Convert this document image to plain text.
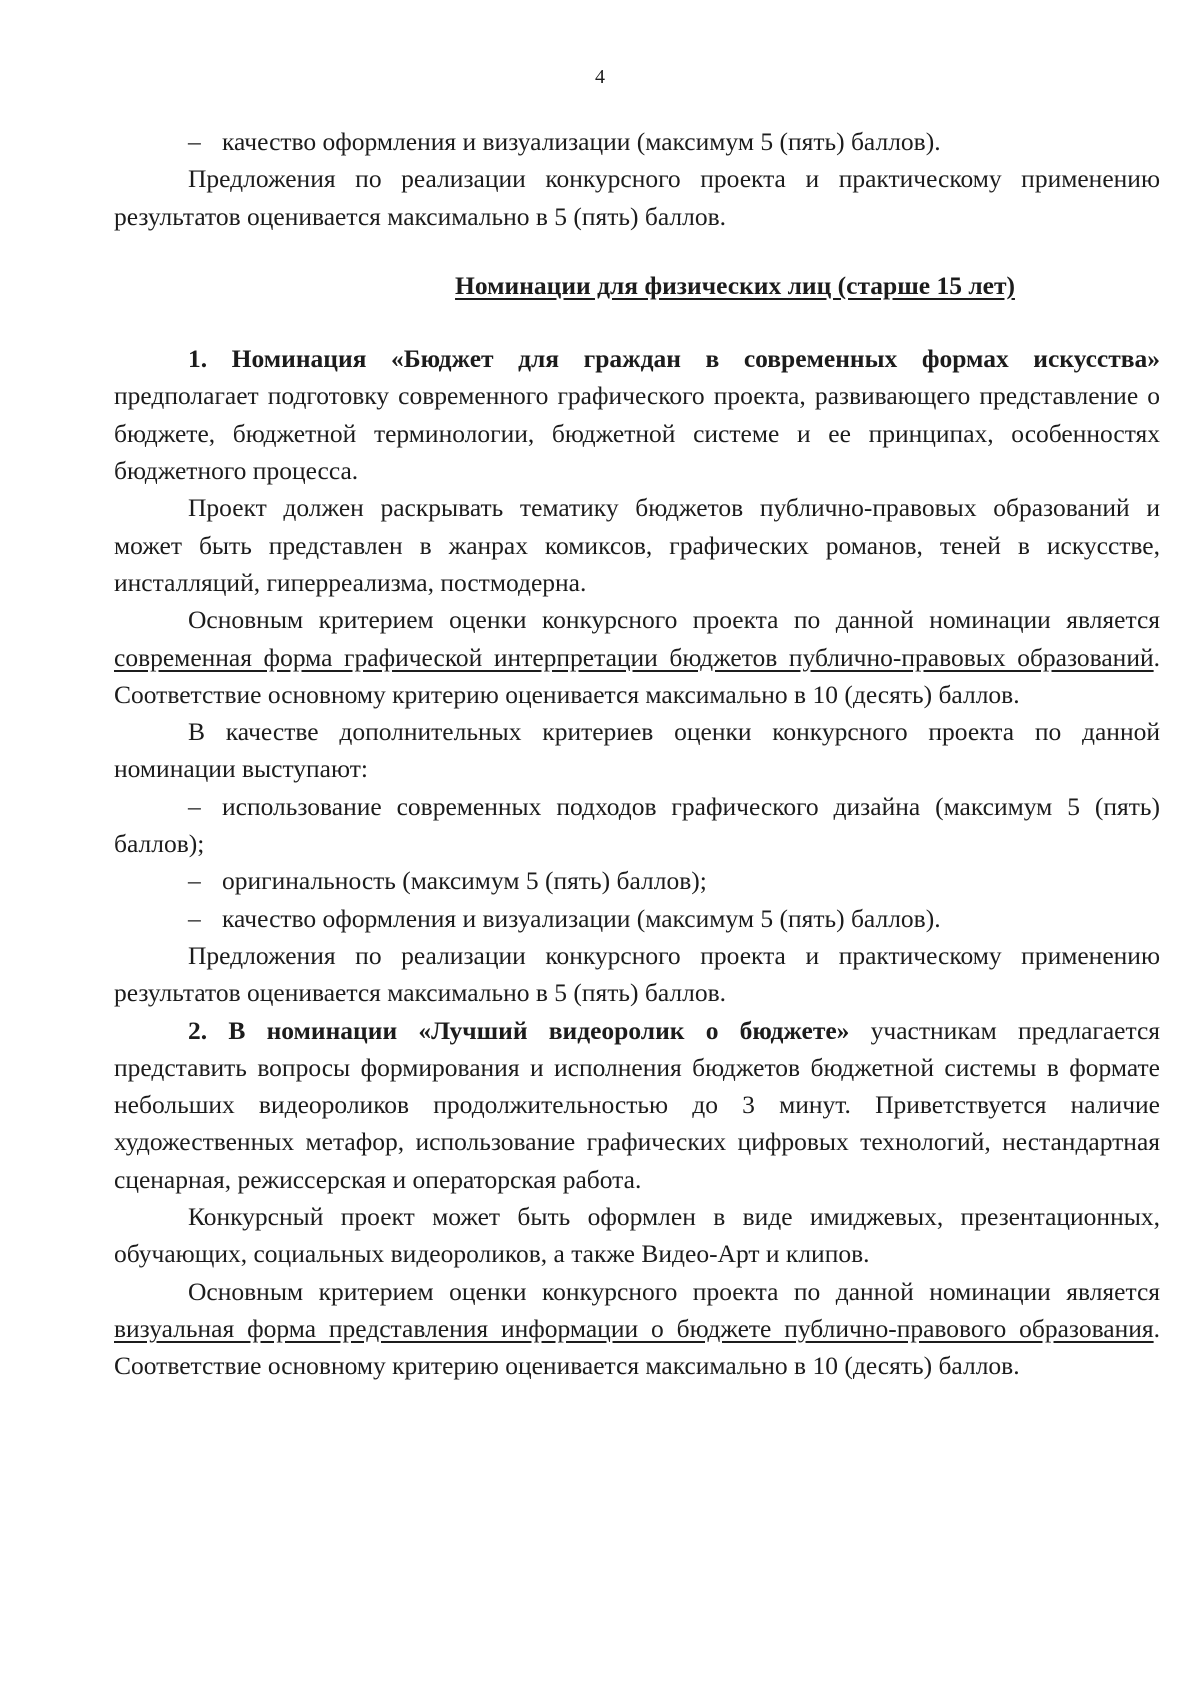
4

– качество оформления и визуализации (максимум 5 (пять) баллов).

Предложения по реализации конкурсного проекта и практическому применению результатов оценивается максимально в 5 (пять) баллов.

Номинации для физических лиц (старше 15 лет)

1. Номинация «Бюджет для граждан в современных формах искусства» предполагает подготовку современного графического проекта, развивающего представление о бюджете, бюджетной терминологии, бюджетной системе и ее принципах, особенностях бюджетного процесса.

Проект должен раскрывать тематику бюджетов публично-правовых образований и может быть представлен в жанрах комиксов, графических романов, теней в искусстве, инсталляций, гиперреализма, постмодерна.

Основным критерием оценки конкурсного проекта по данной номинации является современная форма графической интерпретации бюджетов публично-правовых образований. Соответствие основному критерию оценивается максимально в 10 (десять) баллов.

В качестве дополнительных критериев оценки конкурсного проекта по данной номинации выступают:

– использование современных подходов графического дизайна (максимум 5 (пять) баллов);

– оригинальность (максимум 5 (пять) баллов);

– качество оформления и визуализации (максимум 5 (пять) баллов).

Предложения по реализации конкурсного проекта и практическому применению результатов оценивается максимально в 5 (пять) баллов.

2. В номинации «Лучший видеоролик о бюджете» участникам предлагается представить вопросы формирования и исполнения бюджетов бюджетной системы в формате небольших видеороликов продолжительностью до 3 минут. Приветствуется наличие художественных метафор, использование графических цифровых технологий, нестандартная сценарная, режиссерская и операторская работа.

Конкурсный проект может быть оформлен в виде имиджевых, презентационных, обучающих, социальных видеороликов, а также Видео-Арт и клипов.

Основным критерием оценки конкурсного проекта по данной номинации является визуальная форма представления информации о бюджете публично-правового образования. Соответствие основному критерию оценивается максимально в 10 (десять) баллов.
